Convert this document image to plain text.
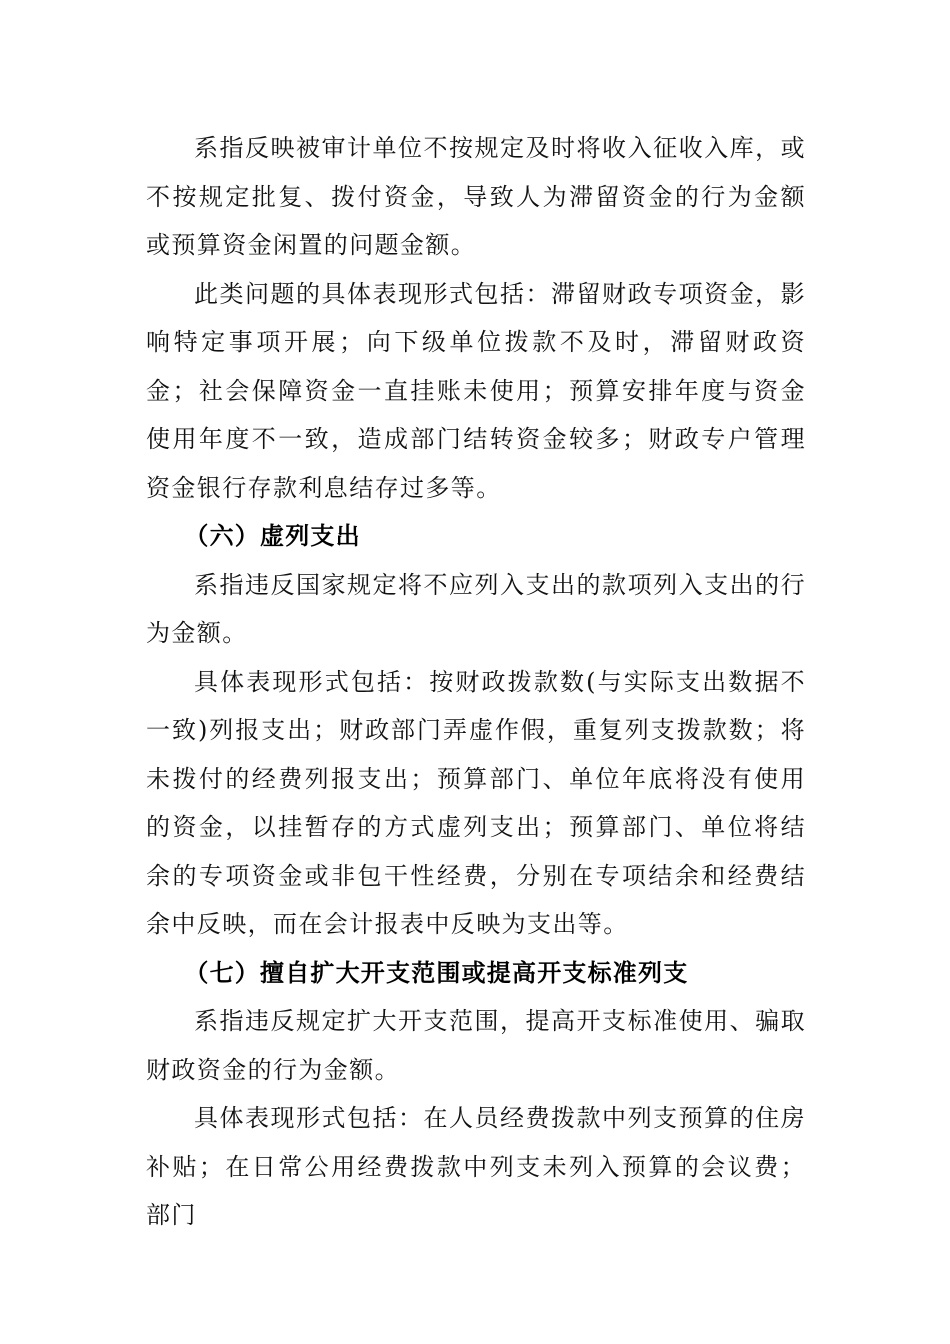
系指反映被审计单位不按规定及时将收入征收入库，或不按规定批复、拨付资金，导致人为滞留资金的行为金额或预算资金闲置的问题金额。

此类问题的具体表现形式包括：滞留财政专项资金，影响特定事项开展；向下级单位拨款不及时，滞留财政资金；社会保障资金一直挂账未使用；预算安排年度与资金使用年度不一致，造成部门结转资金较多；财政专户管理资金银行存款利息结存过多等。

（六）虚列支出

系指违反国家规定将不应列入支出的款项列入支出的行为金额。

具体表现形式包括：按财政拨款数(与实际支出数据不一致)列报支出；财政部门弄虚作假，重复列支拨款数；将未拨付的经费列报支出；预算部门、单位年底将没有使用的资金，以挂暂存的方式虚列支出；预算部门、单位将结余的专项资金或非包干性经费，分别在专项结余和经费结余中反映，而在会计报表中反映为支出等。

（七）擅自扩大开支范围或提高开支标准列支

系指违反规定扩大开支范围，提高开支标准使用、骗取财政资金的行为金额。

具体表现形式包括：在人员经费拨款中列支预算的住房补贴；在日常公用经费拨款中列支未列入预算的会议费；部门
